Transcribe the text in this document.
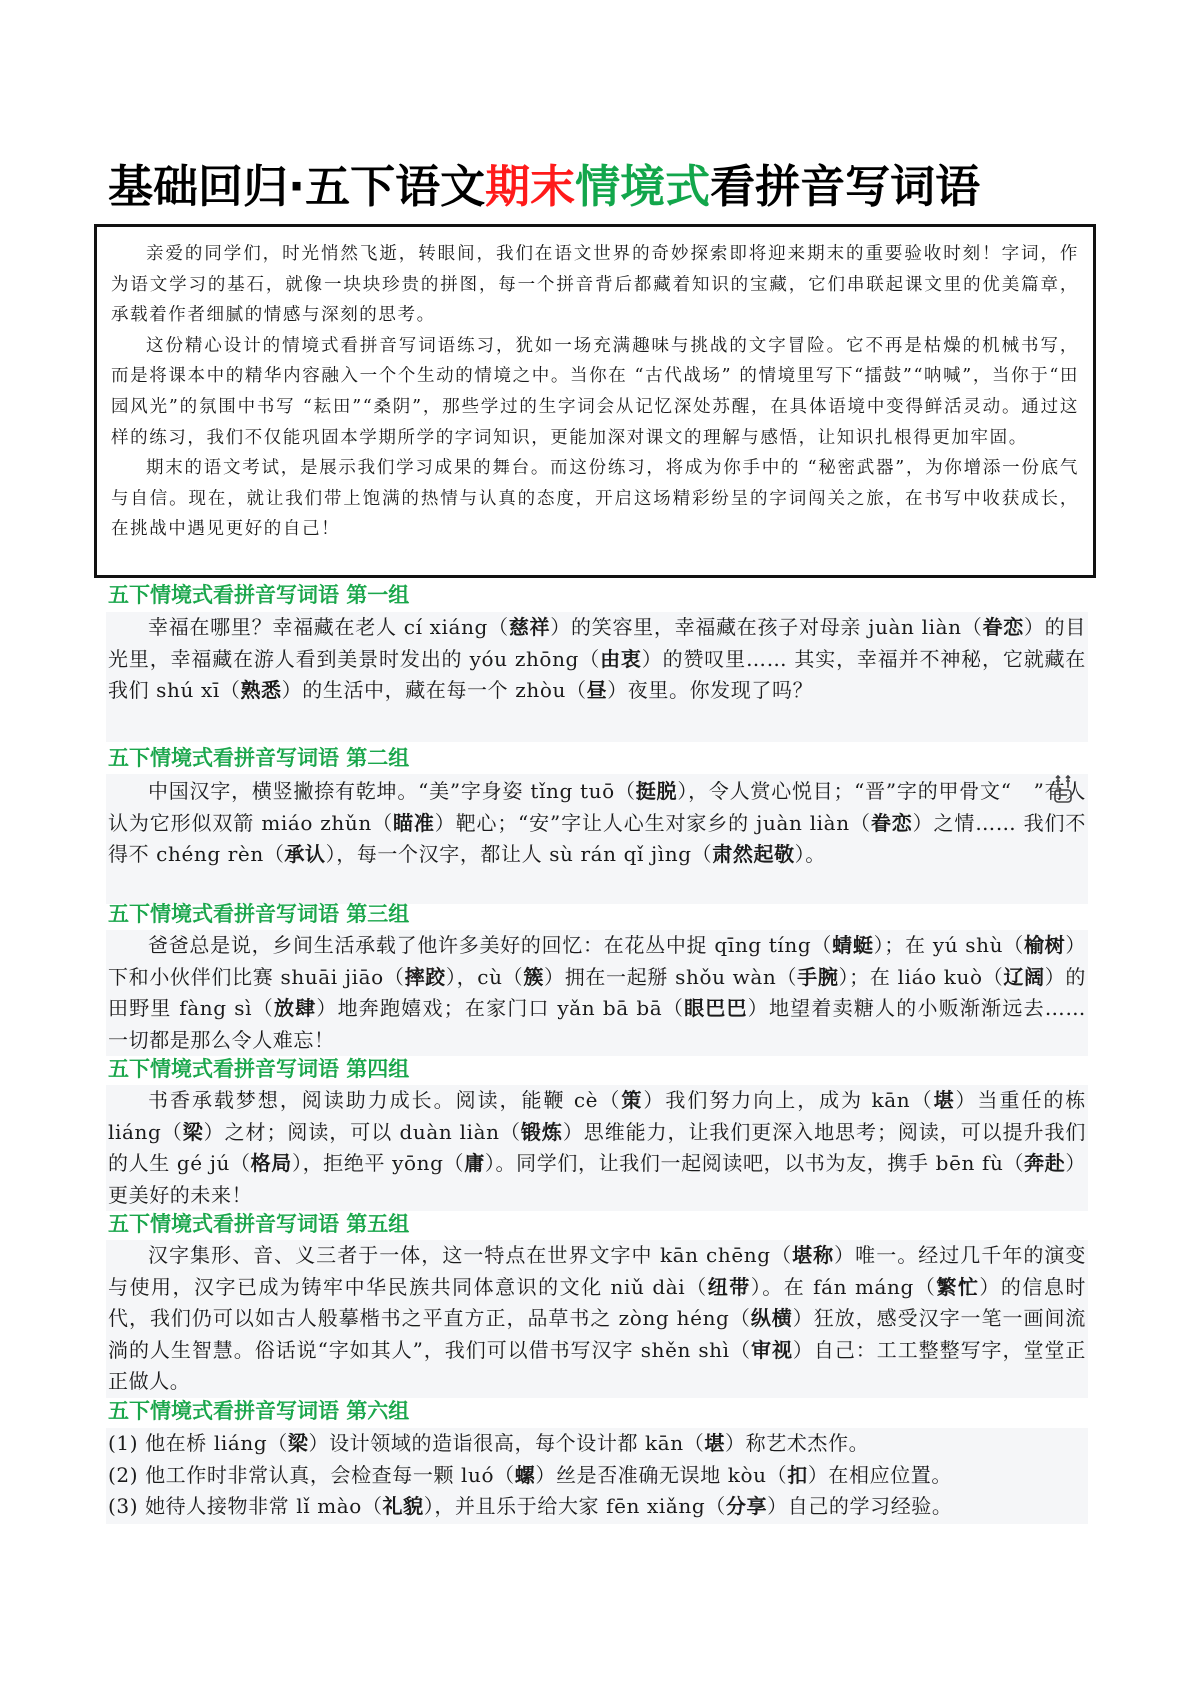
基础回归·五下语文期末情境式看拼音写词语

亲爱的同学们，时光悄然飞逝，转眼间，我们在语文世界的奇妙探索即将迎来期末的重要验收时刻！字词，作为语文学习的基石，就像一块块珍贵的拼图，每一个拼音背后都藏着知识的宝藏，它们串联起课文里的优美篇章，承载着作者细腻的情感与深刻的思考。

这份精心设计的情境式看拼音写词语练习，犹如一场充满趣味与挑战的文字冒险。它不再是枯燥的机械书写，而是将课本中的精华内容融入一个个生动的情境之中。当你在 “古代战场” 的情境里写下“擂鼓”“呐喊”，当你于“田园风光”的氛围中书写 “耘田”“桑阴”，那些学过的生字词会从记忆深处苏醒，在具体语境中变得鲜活灵动。通过这样的练习，我们不仅能巩固本学期所学的字词知识，更能加深对课文的理解与感悟，让知识扎根得更加牢固。

期末的语文考试，是展示我们学习成果的舞台。而这份练习，将成为你手中的 “秘密武器”，为你增添一份底气与自信。现在，就让我们带上饱满的热情与认真的态度，开启这场精彩纷呈的字词闯关之旅，在书写中收获成长，在挑战中遇见更好的自己！

五下情境式看拼音写词语 第一组

幸福在哪里？幸福藏在老人 cí xiáng（慈祥）的笑容里，幸福藏在孩子对母亲 juàn liàn（眷恋）的目光里，幸福藏在游人看到美景时发出的 yóu zhōng（由衷）的赞叹里…… 其实，幸福并不神秘，它就藏在我们 shú xī（熟悉）的生活中，藏在每一个 zhòu（昼）夜里。你发现了吗？

五下情境式看拼音写词语 第二组

中国汉字，横竖撇捺有乾坤。“美”字身姿 tǐng tuō（挺脱），令人赏心悦目；“晋”字的甲骨文“ ”有人认为它形似双箭 miáo zhǔn（瞄准）靶心；“安”字让人心生对家乡的 juàn liàn（眷恋）之情…… 我们不得不 chéng rèn（承认），每一个汉字，都让人 sù rán qǐ jìng（肃然起敬）。

五下情境式看拼音写词语 第三组

爸爸总是说，乡间生活承载了他许多美好的回忆：在花丛中捉 qīng tíng（蜻蜓）；在 yú shù（榆树）下和小伙伴们比赛 shuāi jiāo（摔跤），cù（簇）拥在一起掰 shǒu wàn（手腕）；在 liáo kuò（辽阔）的田野里 fàng sì（放肆）地奔跑嬉戏；在家门口 yǎn bā bā（眼巴巴）地望着卖糖人的小贩渐渐远去…… 一切都是那么令人难忘！

五下情境式看拼音写词语 第四组

书香承载梦想，阅读助力成长。阅读，能鞭 cè（策）我们努力向上，成为 kān（堪）当重任的栋 liáng（梁）之材；阅读，可以 duàn liàn（锻炼）思维能力，让我们更深入地思考；阅读，可以提升我们的人生 gé jú（格局），拒绝平 yōng（庸）。同学们，让我们一起阅读吧，以书为友，携手 bēn fù（奔赴）更美好的未来！

五下情境式看拼音写词语 第五组

汉字集形、音、义三者于一体，这一特点在世界文字中 kān chēng（堪称）唯一。经过几千年的演变与使用，汉字已成为铸牢中华民族共同体意识的文化 niǔ dài（纽带）。在 fán máng（繁忙）的信息时代，我们仍可以如古人般摹楷书之平直方正，品草书之 zòng héng（纵横）狂放，感受汉字一笔一画间流淌的人生智慧。俗话说“字如其人”，我们可以借书写汉字 shěn shì（审视）自己：工工整整写字，堂堂正正做人。

五下情境式看拼音写词语 第六组

(1) 他在桥 liáng（梁）设计领域的造诣很高，每个设计都 kān（堪）称艺术杰作。

(2) 他工作时非常认真，会检查每一颗 luó（螺）丝是否准确无误地 kòu（扣）在相应位置。

(3) 她待人接物非常 lǐ mào（礼貌），并且乐于给大家 fēn xiǎng（分享）自己的学习经验。
